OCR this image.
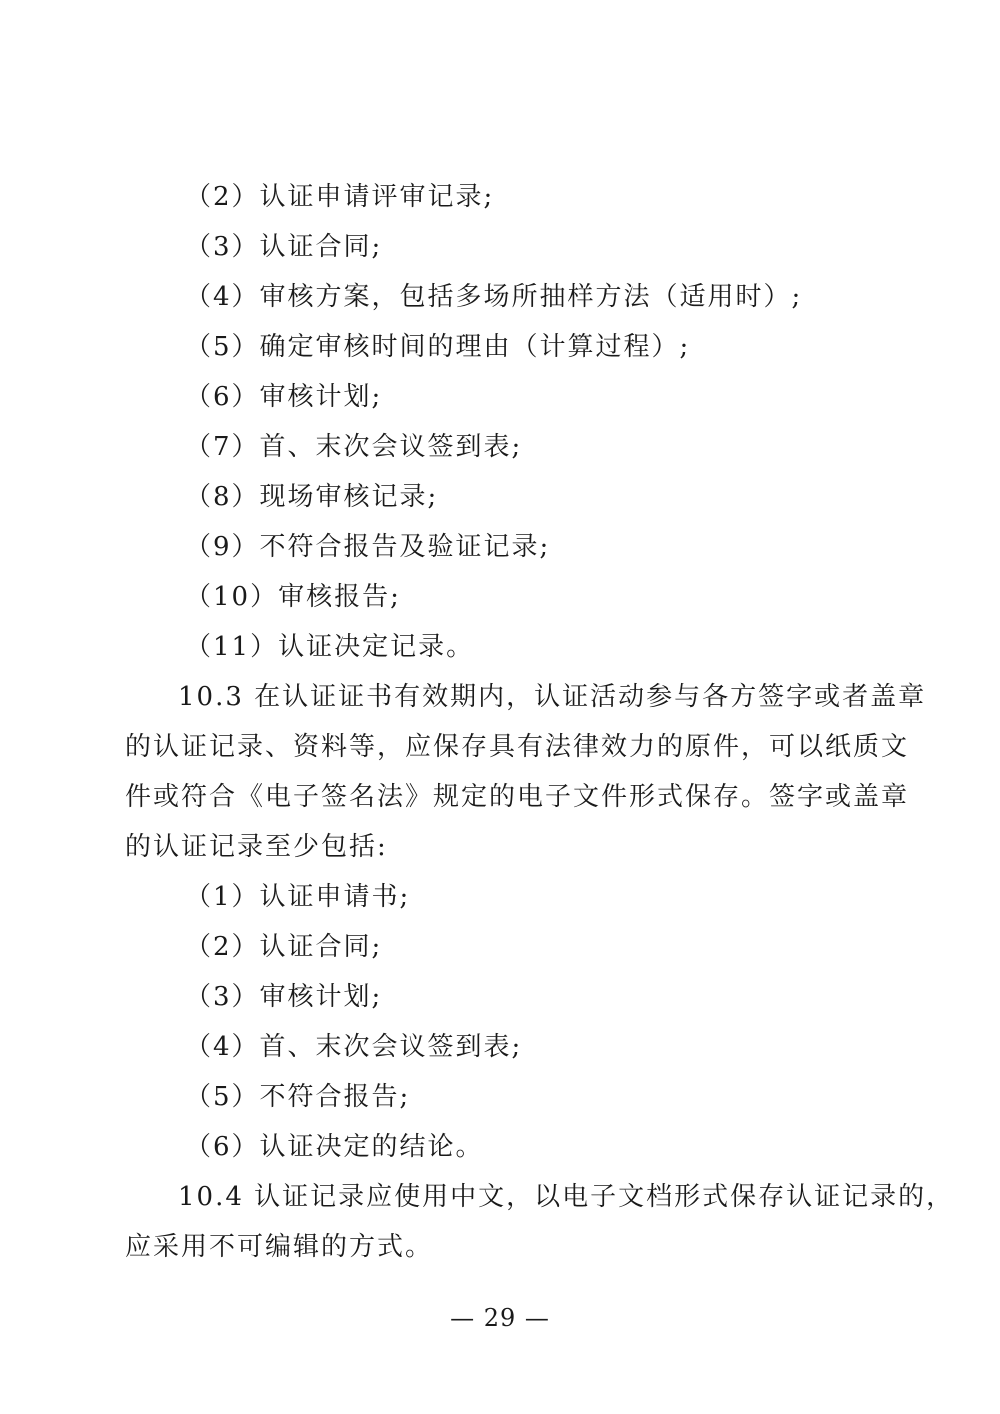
（2）认证申请评审记录;
（3）认证合同;
（4）审核方案，包括多场所抽样方法（适用时）;
（5）确定审核时间的理由（计算过程）;
（6）审核计划;
（7）首、末次会议签到表;
（8）现场审核记录;
（9）不符合报告及验证记录;
（10）审核报告;
（11）认证决定记录。
10.3 在认证证书有效期内，认证活动参与各方签字或者盖章
的认证记录、资料等，应保存具有法律效力的原件，可以纸质文
件或符合《电子签名法》规定的电子文件形式保存。签字或盖章
的认证记录至少包括:
（1）认证申请书;
（2）认证合同;
（3）审核计划;
（4）首、末次会议签到表;
（5）不符合报告;
（6）认证决定的结论。
10.4 认证记录应使用中文，以电子文档形式保存认证记录的，
应采用不可编辑的方式。
— 29 —
